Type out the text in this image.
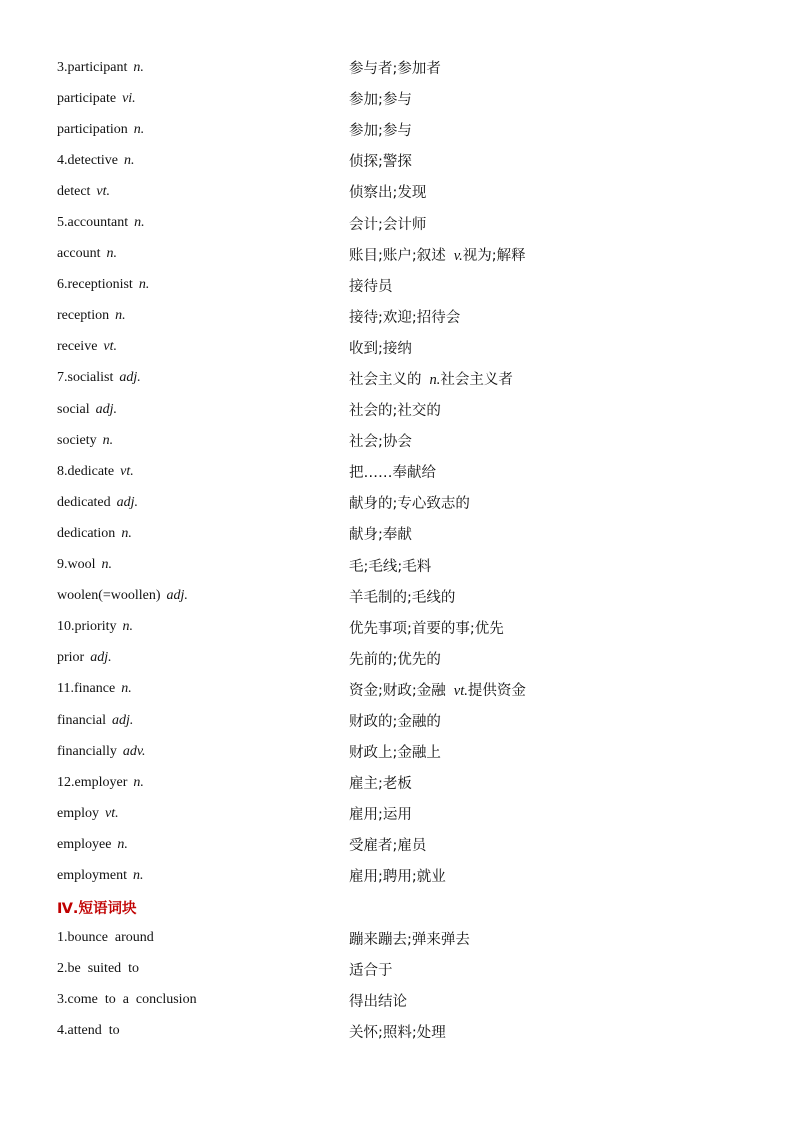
3.participant n.	参与者;参加者
participate vi.	参加;参与
participation n.	参加;参与
4.detective n.	侦探;警探
detect vt.	侦察出;发现
5.accountant n.	会计;会计师
account n.	账目;账户;叙述 v.视为;解释
6.receptionist n.	接待员
reception n.	接待;欢迎;招待会
receive vt.	收到;接纳
7.socialist adj.	社会主义的 n.社会主义者
social adj.	社会的;社交的
society n.	社会;协会
8.dedicate vt.	把……奉献给
dedicated adj.	献身的;专心致志的
dedication n.	献身;奉献
9.wool n.	毛;毛线;毛料
woolen(=woollen) adj.	羊毛制的;毛线的
10.priority n.	优先事项;首要的事;优先
prior adj.	先前的;优先的
11.finance n.	资金;财政;金融 vt.提供资金
financial adj.	财政的;金融的
financially adv.	财政上;金融上
12.employer n.	雇主;老板
employ vt.	雇用;运用
employee n.	受雇者;雇员
employment n.	雇用;聘用;就业
Ⅳ.短语词块
1.bounce  around	蹦来蹦去;弹来弹去
2.be  suited  to	适合于
3.come  to  a  conclusion	得出结论
4.attend  to	关怀;照料;处理
